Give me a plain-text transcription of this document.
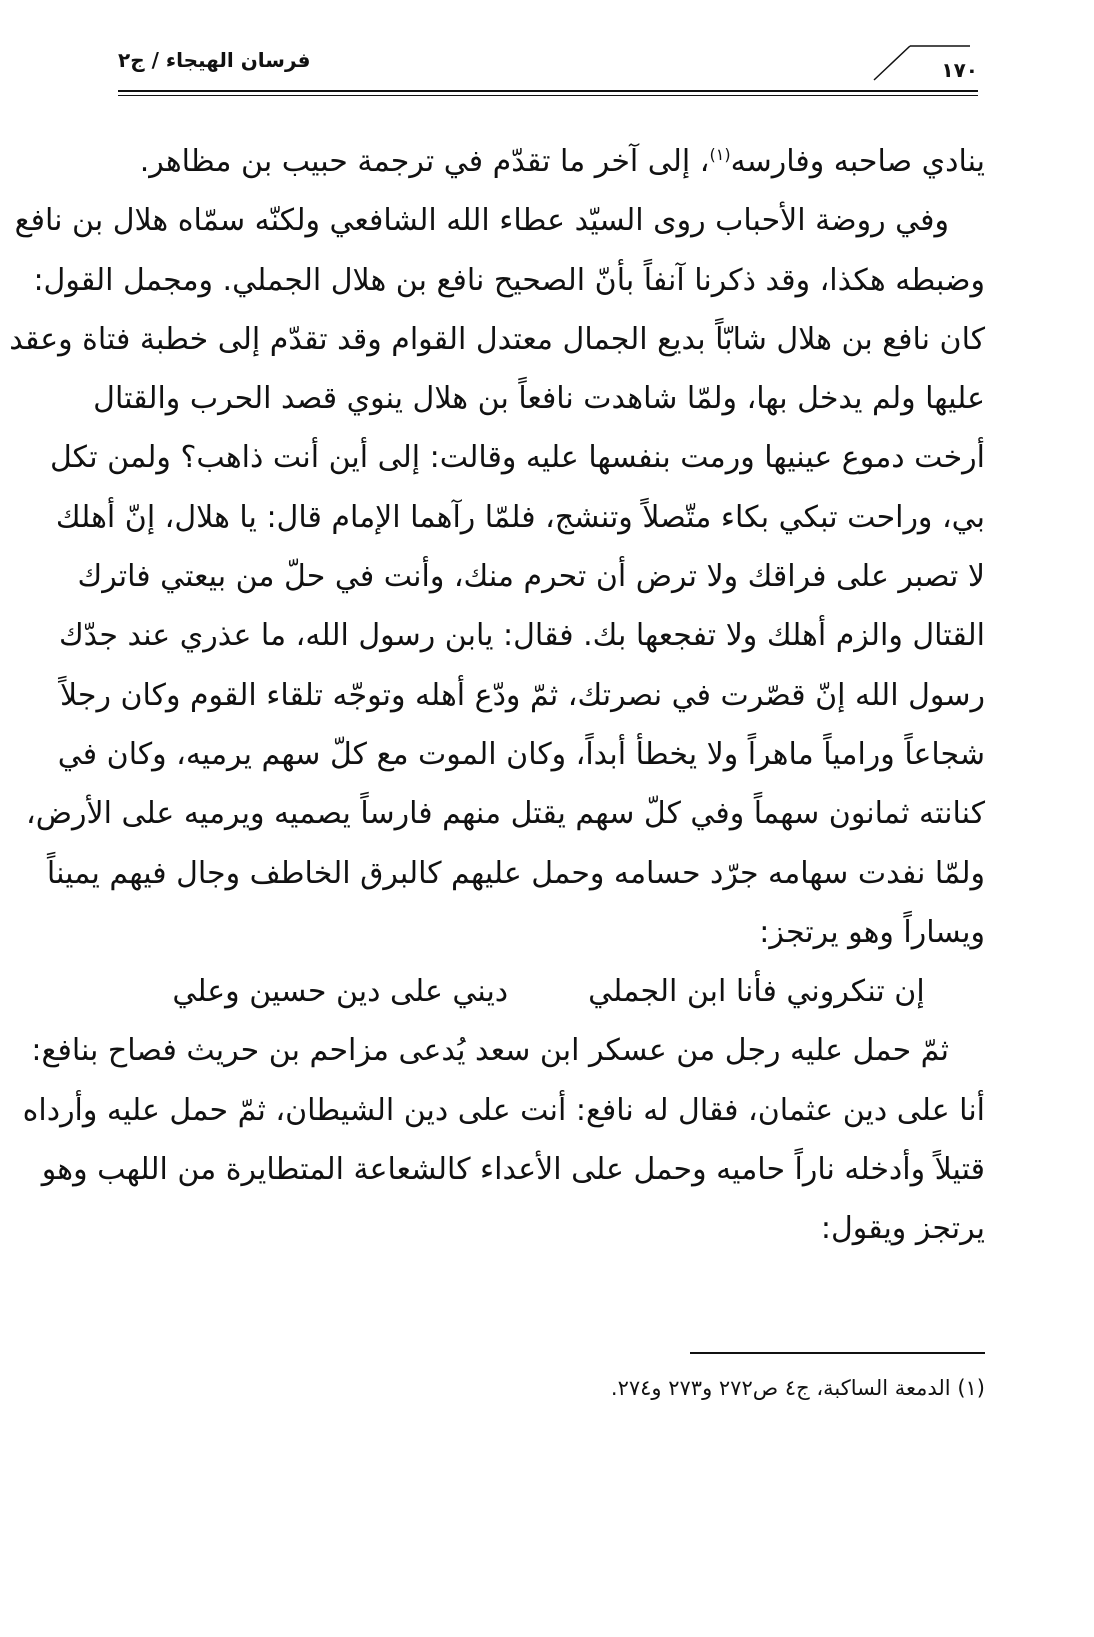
فرسان الهيجاء / ج٢	١٧٠
ينادي صاحبه وفارسه$^{(١)}$، إلى آخر ما تقدّم في ترجمة حبيب بن مظاهر.
وفي روضة الأحباب روى السيّد عطاء الله الشافعي ولكنّه سمّاه هلال بن نافع
وضبطه هكذا، وقد ذكرنا آنفاً بأنّ الصحيح نافع بن هلال الجملي. ومجمل القول:
كان نافع بن هلال شابّاً بديع الجمال معتدل القوام وقد تقدّم إلى خطبة فتاة وعقد
عليها ولم يدخل بها، ولمّا شاهدت نافعاً بن هلال ينوي قصد الحرب والقتال
أرخت دموع عينيها ورمت بنفسها عليه وقالت: إلى أين أنت ذاهب؟ ولمن تكل
بي، وراحت تبكي بكاء متّصلاً وتنشج، فلمّا رآهما الإمام قال: يا هلال، إنّ أهلك
لا تصبر على فراقك ولا ترض أن تحرم منك، وأنت في حلّ من بيعتي فاترك
القتال والزم أهلك ولا تفجعها بك. فقال: يابن رسول الله، ما عذري عند جدّك
رسول الله إنّ قصّرت في نصرتك، ثمّ ودّع أهله وتوجّه تلقاء القوم وكان رجلاً
شجاعاً ورامياً ماهراً ولا يخطأ أبداً، وكان الموت مع كلّ سهم يرميه، وكان في
كنانته ثمانون سهماً وفي كلّ سهم يقتل منهم فارساً يصميه ويرميه على الأرض،
ولمّا نفدت سهامه جرّد حسامه وحمل عليهم كالبرق الخاطف وجال فيهم يميناً
ويساراً وهو يرتجز:
إن تنكروني فأنا ابن الجملي
ديني على دين حسين وعلي
ثمّ حمل عليه رجل من عسكر ابن سعد يُدعى مزاحم بن حريث فصاح بنافع:
أنا على دين عثمان، فقال له نافع: أنت على دين الشيطان، ثمّ حمل عليه وأرداه
قتيلاً وأدخله ناراً حاميه وحمل على الأعداء كالشعاعة المتطايرة من اللهب وهو
يرتجز ويقول:
(١) الدمعة الساكبة، ج٤ ص٢٧٢ و٢٧٣ و٢٧٤.
